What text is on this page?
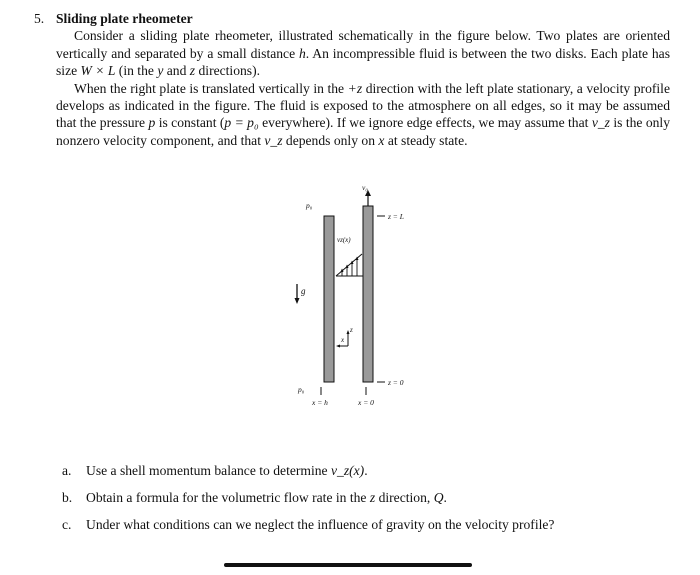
5. Sliding plate rheometer

Consider a sliding plate rheometer, illustrated schematically in the figure below. Two plates are oriented vertically and separated by a small distance h. An incompressible fluid is between the two disks. Each plate has size W × L (in the y and z directions).

When the right plate is translated vertically in the +z direction with the left plate stationary, a velocity profile develops as indicated in the figure. The fluid is exposed to the atmosphere on all edges, so it may be assumed that the pressure p is constant (p = p₀ everywhere). If we ignore edge effects, we may assume that v_z is the only nonzero velocity component, and that v_z depends only on x at steady state.

v₀
p₀
p₀
z = L
vz(x)
g
z
x
z = 0
x = h	x = 0
a.	Use a shell momentum balance to determine v_z(x).
b.	Obtain a formula for the volumetric flow rate in the z direction, Q.
c.	Under what conditions can we neglect the influence of gravity on the velocity profile?
